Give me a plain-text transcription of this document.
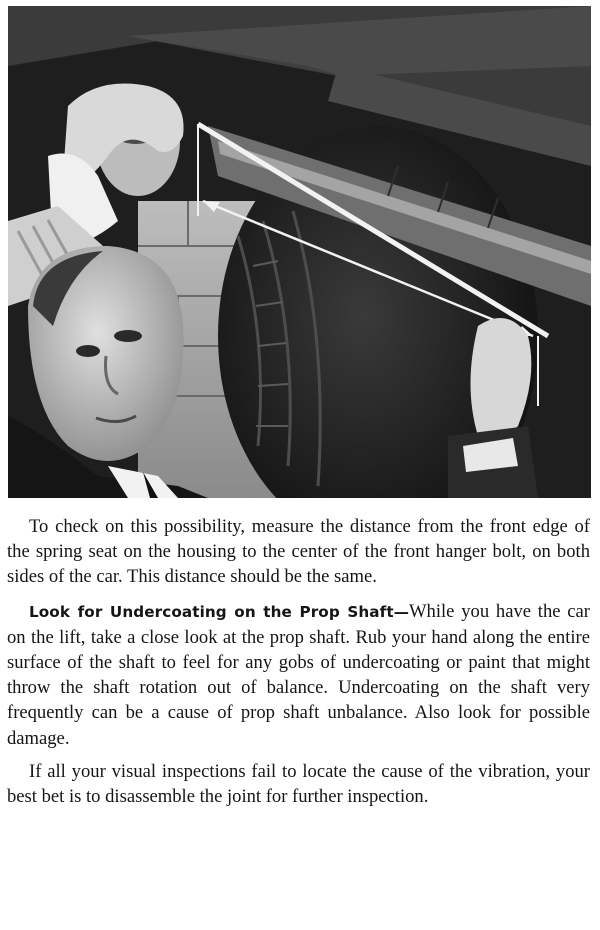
To check on this possibility, measure the distance from the front edge of the spring seat on the housing to the center of the front hanger bolt, on both sides of the car. This distance should be the same.

Look for Undercoating on the Prop Shaft—While you have the car on the lift, take a close look at the prop shaft. Rub your hand along the entire surface of the shaft to feel for any gobs of undercoating or paint that might throw the shaft rotation out of balance. Undercoating on the shaft very frequently can be a cause of prop shaft unbalance. Also look for possible damage.

If all your visual inspections fail to locate the cause of the vibration, your best bet is to disassemble the joint for further inspection.
